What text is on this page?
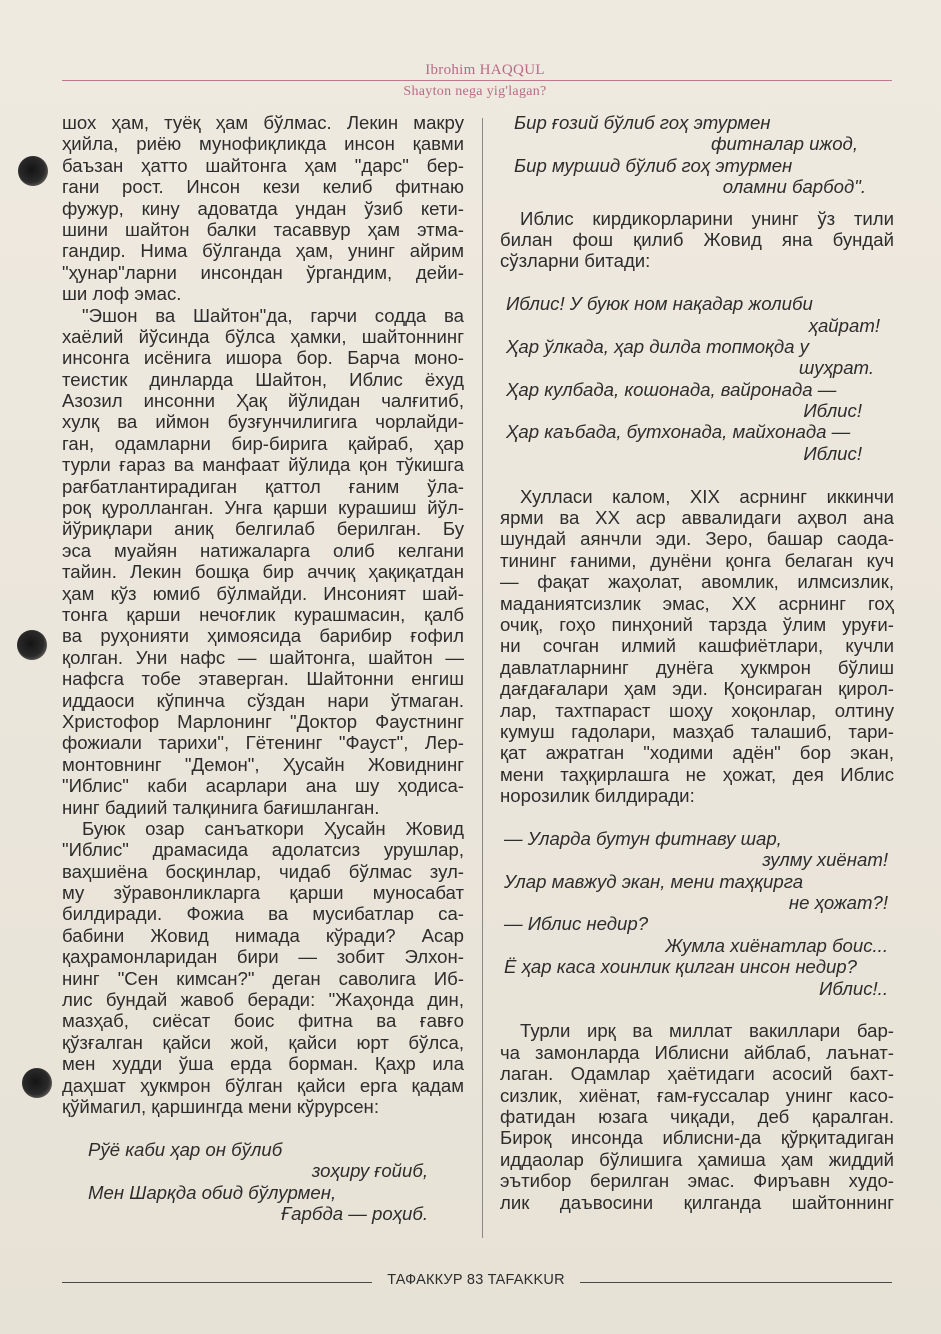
Ibrohim HAQQUL
Shayton nega yig'lagan?
шох ҳам, туёқ ҳам бўлмас. Лекин макру
ҳийла, риёю мунофиқликда инсон қавми
баъзан ҳатто шайтонга ҳам "дарс" бер-
гани рост. Инсон кези келиб фитнаю
фужур, кину адоватда ундан ўзиб кети-
шини шайтон балки тасаввур ҳам этма-
гандир. Нима бўлганда ҳам, унинг айрим
"ҳунар"ларни инсондан ўргандим, дейи-
ши лоф эмас.
"Эшон ва Шайтон"да, гарчи содда ва
хаёлий йўсинда бўлса ҳамки, шайтоннинг
инсонга исёнига ишора бор. Барча моно-
теистик динларда Шайтон, Иблис ёхуд
Азозил инсонни Ҳақ йўлидан чалғитиб,
хулқ ва иймон бузғунчилигига чорлайди-
ган, одамларни бир-бирига қайраб, ҳар
турли ғараз ва манфаат йўлида қон тўкишга
рағбатлантирадиган қаттол ғаним ўла-
роқ қуролланган. Унга қарши курашиш йўл-
йўриқлари аниқ белгилаб берилган. Бу
эса муайян натижаларга олиб келгани
тайин. Лекин бошқа бир аччиқ ҳақиқатдан
ҳам кўз юмиб бўлмайди. Инсоният шай-
тонга қарши нечоғлик курашмасин, қалб
ва руҳонияти ҳимоясида барибир ғофил
қолган. Уни нафс — шайтонга, шайтон —
нафсга тобе этаверган. Шайтонни енгиш
иддаоси кўпинча сўздан нари ўтмаган.
Христофор Марлонинг "Доктор Фаустнинг
фожиали тарихи", Гётенинг "Фауст", Лер-
монтовнинг "Демон", Ҳусайн Жовиднинг
"Иблис" каби асарлари ана шу ҳодиса-
нинг бадиий талқинига бағишланган.
Буюк озар санъаткори Ҳусайн Жовид
"Иблис" драмасида адолатсиз урушлар,
ваҳшиёна босқинлар, чидаб бўлмас зул-
му зўравонликларга қарши муносабат
билдиради. Фожиа ва мусибатлар са-
бабини Жовид нимада кўради? Асар
қаҳрамонларидан бири — зобит Элхон-
нинг "Сен кимсан?" деган саволига Иб-
лис бундай жавоб беради: "Жаҳонда дин,
мазҳаб, сиёсат боис фитна ва ғавғо
қўзғалган қайси жой, қайси юрт бўлса,
мен худди ўша ерда борман. Қаҳр ила
даҳшат ҳукмрон бўлган қайси ерга қадам
қўймагил, қаршингда мени кўрурсен:
Рўё каби ҳар он бўлиб
зоҳиру ғойиб,
Мен Шарқда обид бўлурмен,
Ғарбда — роҳиб.
Бир ғозий бўлиб гоҳ этурмен
фитналар ижод,
Бир муршид бўлиб гоҳ этурмен
оламни барбод".
Иблис кирдикорларини унинг ўз тили
билан фош қилиб Жовид яна бундай
сўзларни битади:
Иблис! У буюк ном нақадар жолиби
ҳайрат!
Ҳар ўлкада, ҳар дилда топмоқда у
шуҳрат.
Ҳар кулбада, кошонада, вайронада —
Иблис!
Ҳар каъбада, бутхонада, майхонада —
Иблис!
Хулласи калом, XIX асрнинг иккинчи
ярми ва XX аср аввалидаги аҳвол ана
шундай аянчли эди. Зеро, башар саода-
тининг ғаними, дунёни қонга белаган куч
— фақат жаҳолат, авомлик, илмсизлик,
маданиятсизлик эмас, XX асрнинг гоҳ
очиқ, гоҳо пинҳоний тарзда ўлим уруғи-
ни сочган илмий кашфиётлари, кучли
давлатларнинг дунёга ҳукмрон бўлиш
дағдағалари ҳам эди. Қонсираган қирол-
лар, тахтпараст шоҳу хоқонлар, олтину
кумуш гадолари, мазҳаб талашиб, тари-
қат ажратган "ходими адён" бор экан,
мени таҳқирлашга не ҳожат, дея Иблис
норозилик билдиради:
— Уларда бутун фитнаву шар,
зулму хиёнат!
Улар мавжуд экан, мени таҳқирга
не ҳожат?!
— Иблис недир?
Жумла хиёнатлар боис...
Ё ҳар каса хоинлик қилган инсон недир?
Иблис!..
Турли ирқ ва миллат вакиллари бар-
ча замонларда Иблисни айблаб, лаънат-
лаган. Одамлар ҳаётидаги асосий бахт-
сизлик, хиёнат, ғам-ғуссалар унинг касо-
фатидан юзага чиқади, деб қаралган.
Бироқ инсонда иблисни-да қўрқитадиган
иддаолар бўлишига ҳамиша ҳам жиддий
эътибор берилган эмас. Фиръавн худо-
лик даъвосини қилганда шайтоннинг
ТАФАККУР 83 TAFAKKUR
